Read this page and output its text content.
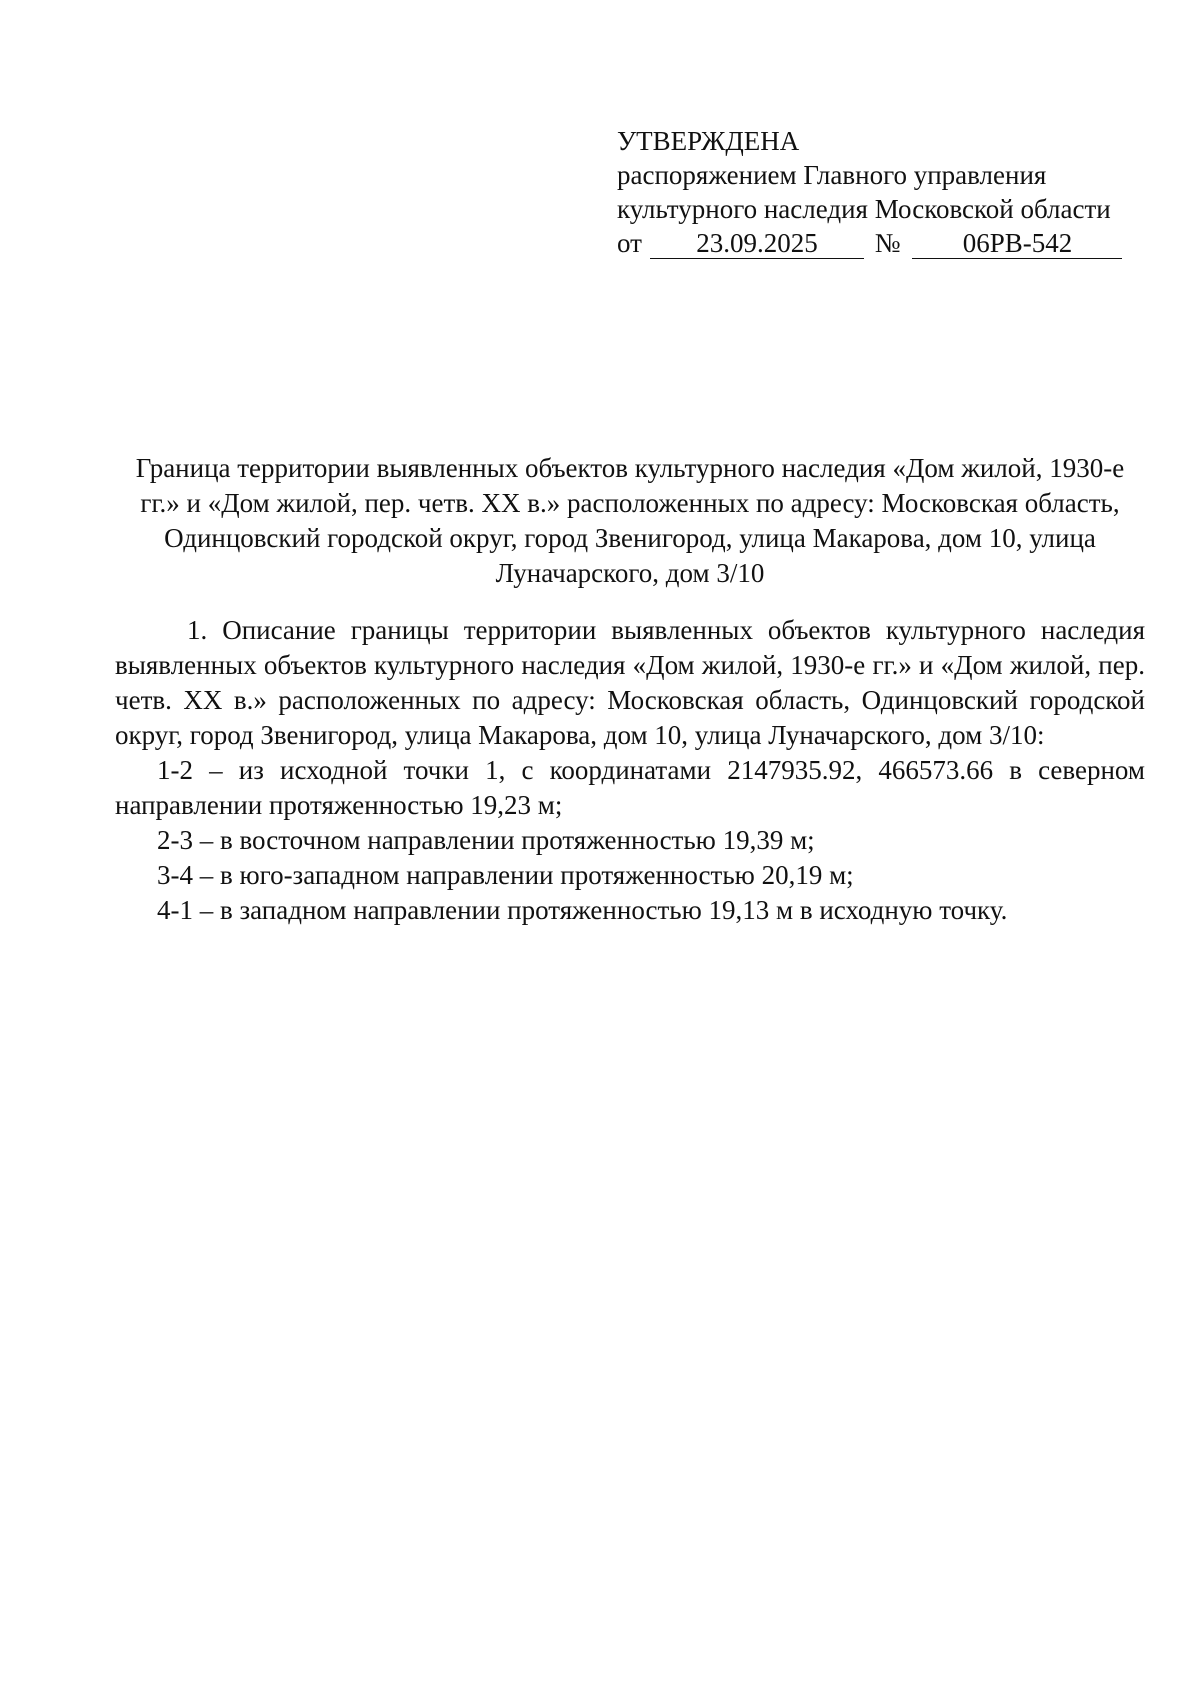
УТВЕРЖДЕНА
распоряжением Главного управления
культурного наследия Московской области
от 23.09.2025 № 06РВ-542
Граница территории выявленных объектов культурного наследия «Дом жилой, 1930-е гг.» и «Дом жилой, пер. четв. XX в.» расположенных по адресу: Московская область, Одинцовский городской округ, город Звенигород, улица Макарова, дом 10, улица Луначарского, дом 3/10

1. Описание границы территории выявленных объектов культурного наследия выявленных объектов культурного наследия «Дом жилой, 1930-е гг.» и «Дом жилой, пер. четв. XX в.» расположенных по адресу: Московская область, Одинцовский городской округ, город Звенигород, улица Макарова, дом 10, улица Луначарского, дом 3/10:

1-2 – из исходной точки 1, с координатами 2147935.92, 466573.66 в северном направлении протяженностью 19,23 м;

2-3 – в восточном направлении протяженностью 19,39 м;

3-4 – в юго-западном направлении протяженностью 20,19 м;

4-1 – в западном направлении протяженностью 19,13 м в исходную точку.
